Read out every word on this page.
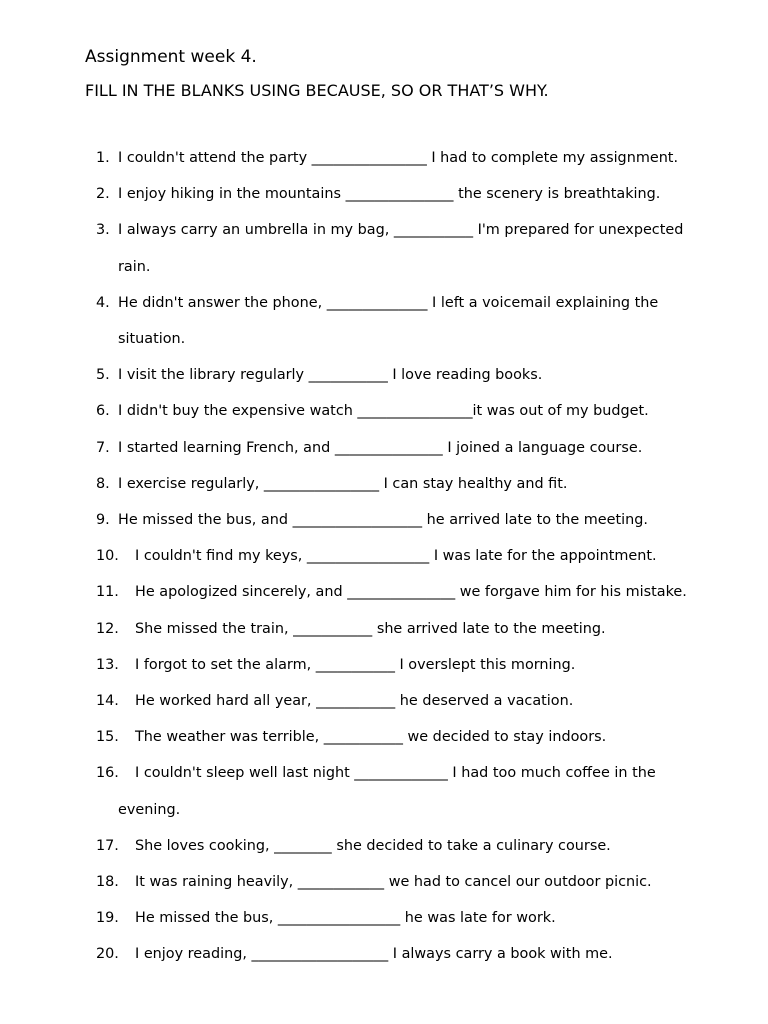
Assignment week 4.
FILL IN THE BLANKS USING BECAUSE, SO OR THAT’S WHY.
1. I couldn't attend the party ________________ I had to complete my assignment.
2. I enjoy hiking in the mountains _______________ the scenery is breathtaking.
3. I always carry an umbrella in my bag, ___________ I'm prepared for unexpected
rain.
4. He didn't answer the phone, ______________ I left a voicemail explaining the
situation.
5. I visit the library regularly ___________ I love reading books.
6. I didn't buy the expensive watch ________________it was out of my budget.
7. I started learning French, and _______________ I joined a language course.
8. I exercise regularly, ________________ I can stay healthy and fit.
9. He missed the bus, and __________________ he arrived late to the meeting.
10. I couldn't find my keys, _________________ I was late for the appointment.
11. He apologized sincerely, and _______________ we forgave him for his mistake.
12. She missed the train, ___________ she arrived late to the meeting.
13. I forgot to set the alarm, ___________ I overslept this morning.
14. He worked hard all year, ___________ he deserved a vacation.
15. The weather was terrible, ___________ we decided to stay indoors.
16. I couldn't sleep well last night _____________ I had too much coffee in the
evening.
17. She loves cooking, ________ she decided to take a culinary course.
18. It was raining heavily, ____________ we had to cancel our outdoor picnic.
19. He missed the bus, _________________ he was late for work.
20. I enjoy reading, ___________________ I always carry a book with me.
